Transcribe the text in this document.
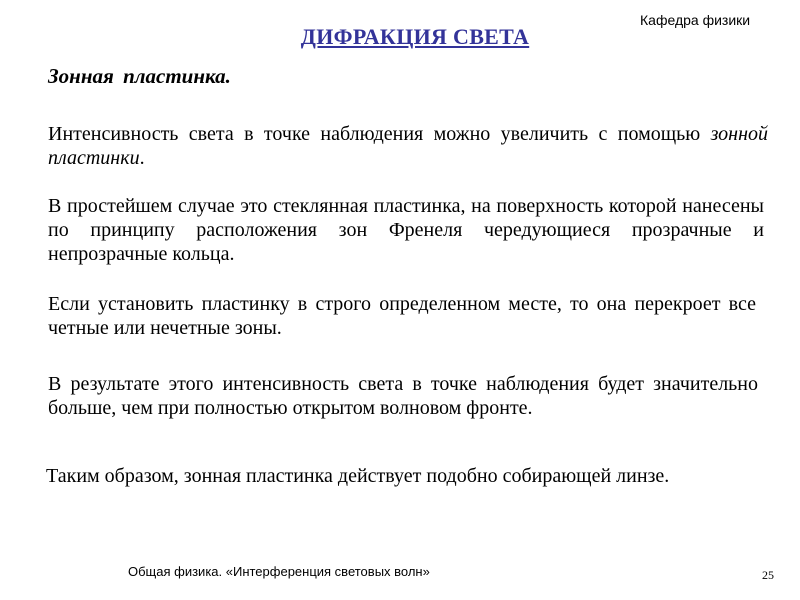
Кафедра физики
ДИФРАКЦИЯ СВЕТА
Зонная пластинка.
Интенсивность света в точке наблюдения можно увеличить с помощью зонной пластинки.
В простейшем случае это стеклянная пластинка, на поверхность которой нанесены по принципу расположения зон Френеля чередующиеся прозрачные и непрозрачные кольца.
Если установить пластинку в строго определенном месте, то она перекроет все четные или нечетные зоны.
В результате этого интенсивность света в точке наблюдения будет значительно больше, чем при полностью открытом волновом фронте.
Таким образом, зонная пластинка действует подобно собирающей линзе.
Общая физика. «Интерференция световых волн»	25
